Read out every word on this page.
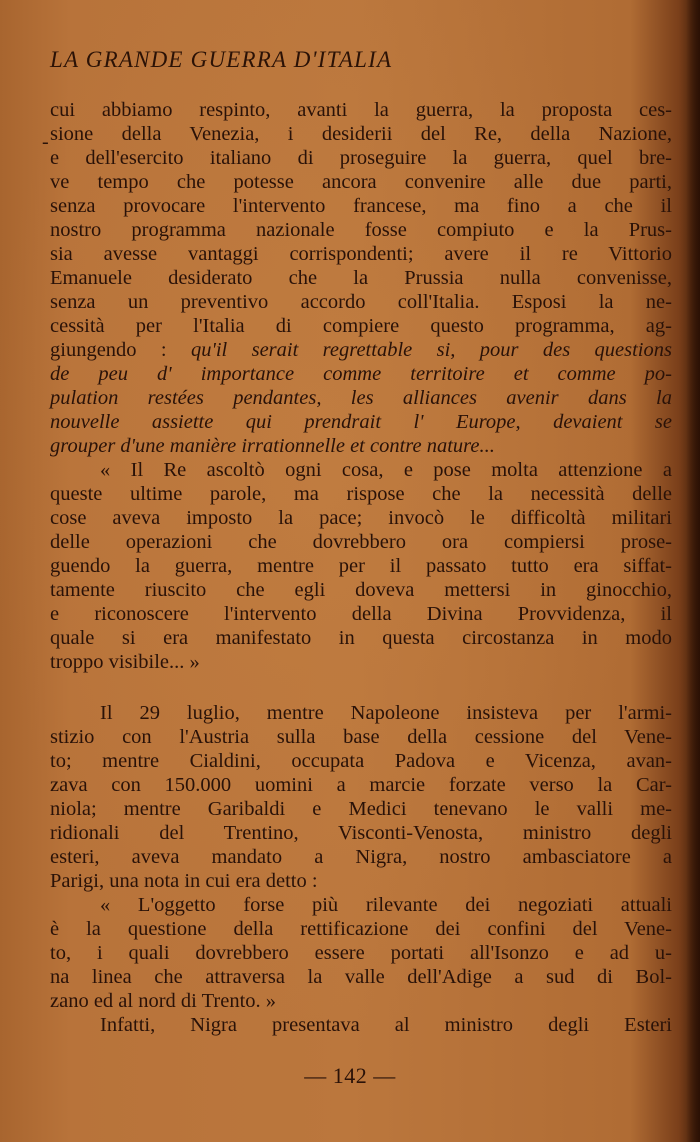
LA GRANDE GUERRA D'ITALIA
-
cui abbiamo respinto, avanti la guerra, la proposta ces-
sione della Venezia, i desiderii del Re, della Nazione,
e dell'esercito italiano di proseguire la guerra, quel bre-
ve tempo che potesse ancora convenire alle due parti,
senza provocare l'intervento francese, ma fino a che il
nostro programma nazionale fosse compiuto e la Prus-
sia avesse vantaggi corrispondenti; avere il re Vittorio
Emanuele desiderato che la Prussia nulla convenisse,
senza un preventivo accordo coll'Italia. Esposi la ne-
cessità per l'Italia di compiere questo programma, ag-
giungendo : qu'il serait regrettable si, pour des questions
de peu d' importance comme territoire et comme po-
pulation restées pendantes, les alliances avenir dans la
nouvelle assiette qui prendrait l' Europe, devaient se
grouper d'une manière irrationnelle et contre nature...
« Il Re ascoltò ogni cosa, e pose molta attenzione a
queste ultime parole, ma rispose che la necessità delle
cose aveva imposto la pace; invocò le difficoltà militari
delle operazioni che dovrebbero ora compiersi prose-
guendo la guerra, mentre per il passato tutto era siffat-
tamente riuscito che egli doveva mettersi in ginocchio,
e riconoscere l'intervento della Divina Provvidenza, il
quale si era manifestato in questa circostanza in modo
troppo visibile... »
Il 29 luglio, mentre Napoleone insisteva per l'armi-
stizio con l'Austria sulla base della cessione del Vene-
to; mentre Cialdini, occupata Padova e Vicenza, avan-
zava con 150.000 uomini a marcie forzate verso la Car-
niola; mentre Garibaldi e Medici tenevano le valli me-
ridionali del Trentino, Visconti-Venosta, ministro degli
esteri, aveva mandato a Nigra, nostro ambasciatore a
Parigi, una nota in cui era detto :
« L'oggetto forse più rilevante dei negoziati attuali
è la questione della rettificazione dei confini del Vene-
to, i quali dovrebbero essere portati all'Isonzo e ad u-
na linea che attraversa la valle dell'Adige a sud di Bol-
zano ed al nord di Trento. »
Infatti, Nigra presentava al ministro degli Esteri
— 142 —
